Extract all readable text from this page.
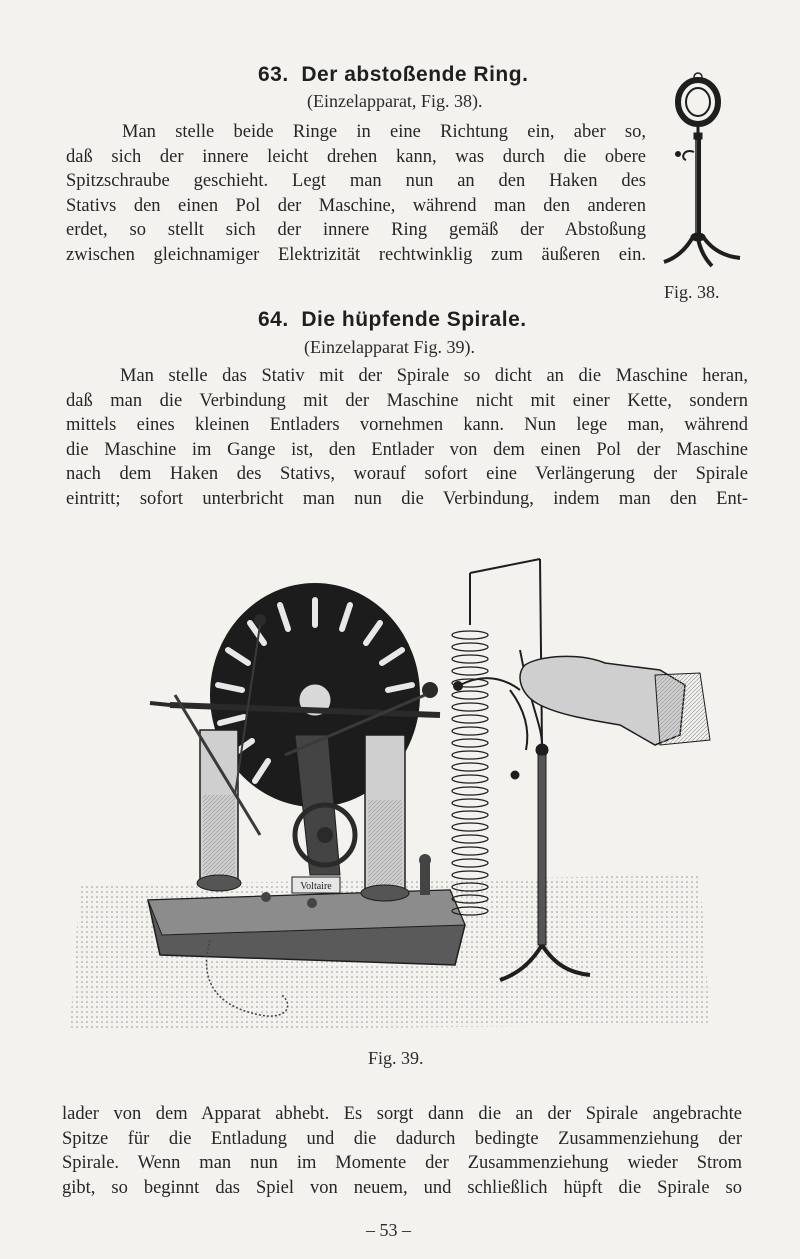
63. Der abstoßende Ring.
(Einzelapparat, Fig. 38).
Man stelle beide Ringe in eine Richtung ein, aber so,
daß sich der innere leicht drehen kann, was durch die obere
Spitzschraube geschieht. Legt man nun an den Haken des
Stativs den einen Pol der Maschine, während man den anderen
erdet, so stellt sich der innere Ring gemäß der Abstoßung
zwischen gleichnamiger Elektrizität rechtwinklig zum äußeren ein.
Fig. 38.
64. Die hüpfende Spirale.
(Einzelapparat Fig. 39).
Man stelle das Stativ mit der Spirale so dicht an die Maschine heran,
daß man die Verbindung mit der Maschine nicht mit einer Kette, sondern
mittels eines kleinen Entladers vornehmen kann. Nun lege man, während
die Maschine im Gange ist, den Entlader von dem einen Pol der Maschine
nach dem Haken des Stativs, worauf sofort eine Verlängerung der Spirale
eintritt; sofort unterbricht man nun die Verbindung, indem man den Ent-
Voltaire
Fig. 39.
lader von dem Apparat abhebt. Es sorgt dann die an der Spirale angebrachte
Spitze für die Entladung und die dadurch bedingte Zusammenziehung der
Spirale. Wenn man nun im Momente der Zusammenziehung wieder Strom
gibt, so beginnt das Spiel von neuem, und schließlich hüpft die Spirale so
– 53 –
